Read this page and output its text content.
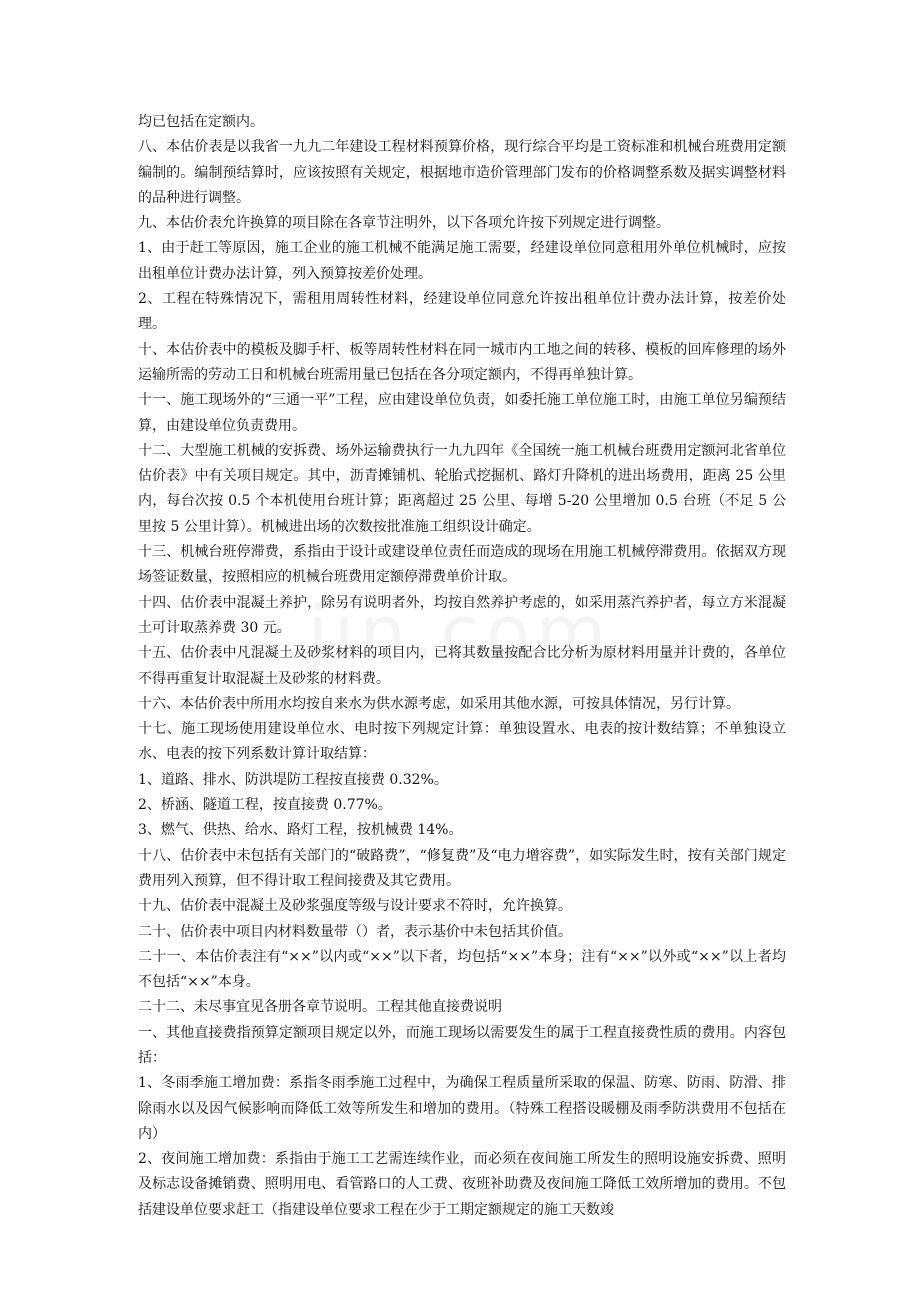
均已包括在定额内。

八、本估价表是以我省一九九二年建设工程材料预算价格，现行综合平均是工资标准和机械台班费用定额编制的。编制预结算时，应该按照有关规定，根据地市造价管理部门发布的价格调整系数及据实调整材料的品种进行调整。

九、本估价表允许换算的项目除在各章节注明外，以下各项允许按下列规定进行调整。

1、由于赶工等原因，施工企业的施工机械不能满足施工需要，经建设单位同意租用外单位机械时，应按出租单位计费办法计算，列入预算按差价处理。

2、工程在特殊情况下，需租用周转性材料，经建设单位同意允许按出租单位计费办法计算，按差价处理。

十、本估价表中的模板及脚手杆、板等周转性材料在同一城市内工地之间的转移、模板的回库修理的场外运输所需的劳动工日和机械台班需用量已包括在各分项定额内，不得再单独计算。

十一、施工现场外的“三通一平”工程，应由建设单位负责，如委托施工单位施工时，由施工单位另编预结算，由建设单位负责费用。

十二、大型施工机械的安拆费、场外运输费执行一九九四年《全国统一施工机械台班费用定额河北省单位估价表》中有关项目规定。其中，沥青摊铺机、轮胎式挖掘机、路灯升降机的进出场费用，距离 25 公里内，每台次按 0.5 个本机使用台班计算；距离超过 25 公里、每增 5-20 公里增加 0.5 台班（不足 5 公里按 5 公里计算）。机械进出场的次数按批准施工组织设计确定。

十三、机械台班停滞费，系指由于设计或建设单位责任而造成的现场在用施工机械停滞费用。依据双方现场签证数量，按照相应的机械台班费用定额停滞费单价计取。

十四、估价表中混凝土养护，除另有说明者外，均按自然养护考虑的，如采用蒸汽养护者，每立方米混凝土可计取蒸养费 30 元。

十五、估价表中凡混凝土及砂浆材料的项目内，已将其数量按配合比分析为原材料用量并计费的，各单位不得再重复计取混凝土及砂浆的材料费。

十六、本估价表中所用水均按自来水为供水源考虑，如采用其他水源，可按具体情况，另行计算。

十七、施工现场使用建设单位水、电时按下列规定计算：单独设置水、电表的按计数结算；不单独设立水、电表的按下列系数计算计取结算：

1、道路、排水、防洪堤防工程按直接费 0.32%。

2、桥涵、隧道工程，按直接费 0.77%。

3、燃气、供热、给水、路灯工程，按机械费 14%。

十八、估价表中未包括有关部门的“破路费”，“修复费”及“电力增容费”，如实际发生时，按有关部门规定费用列入预算，但不得计取工程间接费及其它费用。

十九、估价表中混凝土及砂浆强度等级与设计要求不符时，允许换算。

二十、估价表中项目内材料数量带（）者，表示基价中未包括其价值。

二十一、本估价表注有“××”以内或“××”以下者，均包括“××”本身；注有“××”以外或“××”以上者均不包括“××”本身。

二十二、未尽事宜见各册各章节说明。工程其他直接费说明

一、其他直接费指预算定额项目规定以外，而施工现场以需要发生的属于工程直接费性质的费用。内容包括：

1、冬雨季施工增加费：系指冬雨季施工过程中，为确保工程质量所采取的保温、防寒、防雨、防滑、排除雨水以及因气候影响而降低工效等所发生和增加的费用。（特殊工程搭设暖棚及雨季防洪费用不包括在内）

2、夜间施工增加费：系指由于施工工艺需连续作业，而必须在夜间施工所发生的照明设施安拆费、照明及标志设备摊销费、照明用电、看管路口的人工费、夜班补助费及夜间施工降低工效所增加的费用。不包括建设单位要求赶工（指建设单位要求工程在少于工期定额规定的施工天数竣
